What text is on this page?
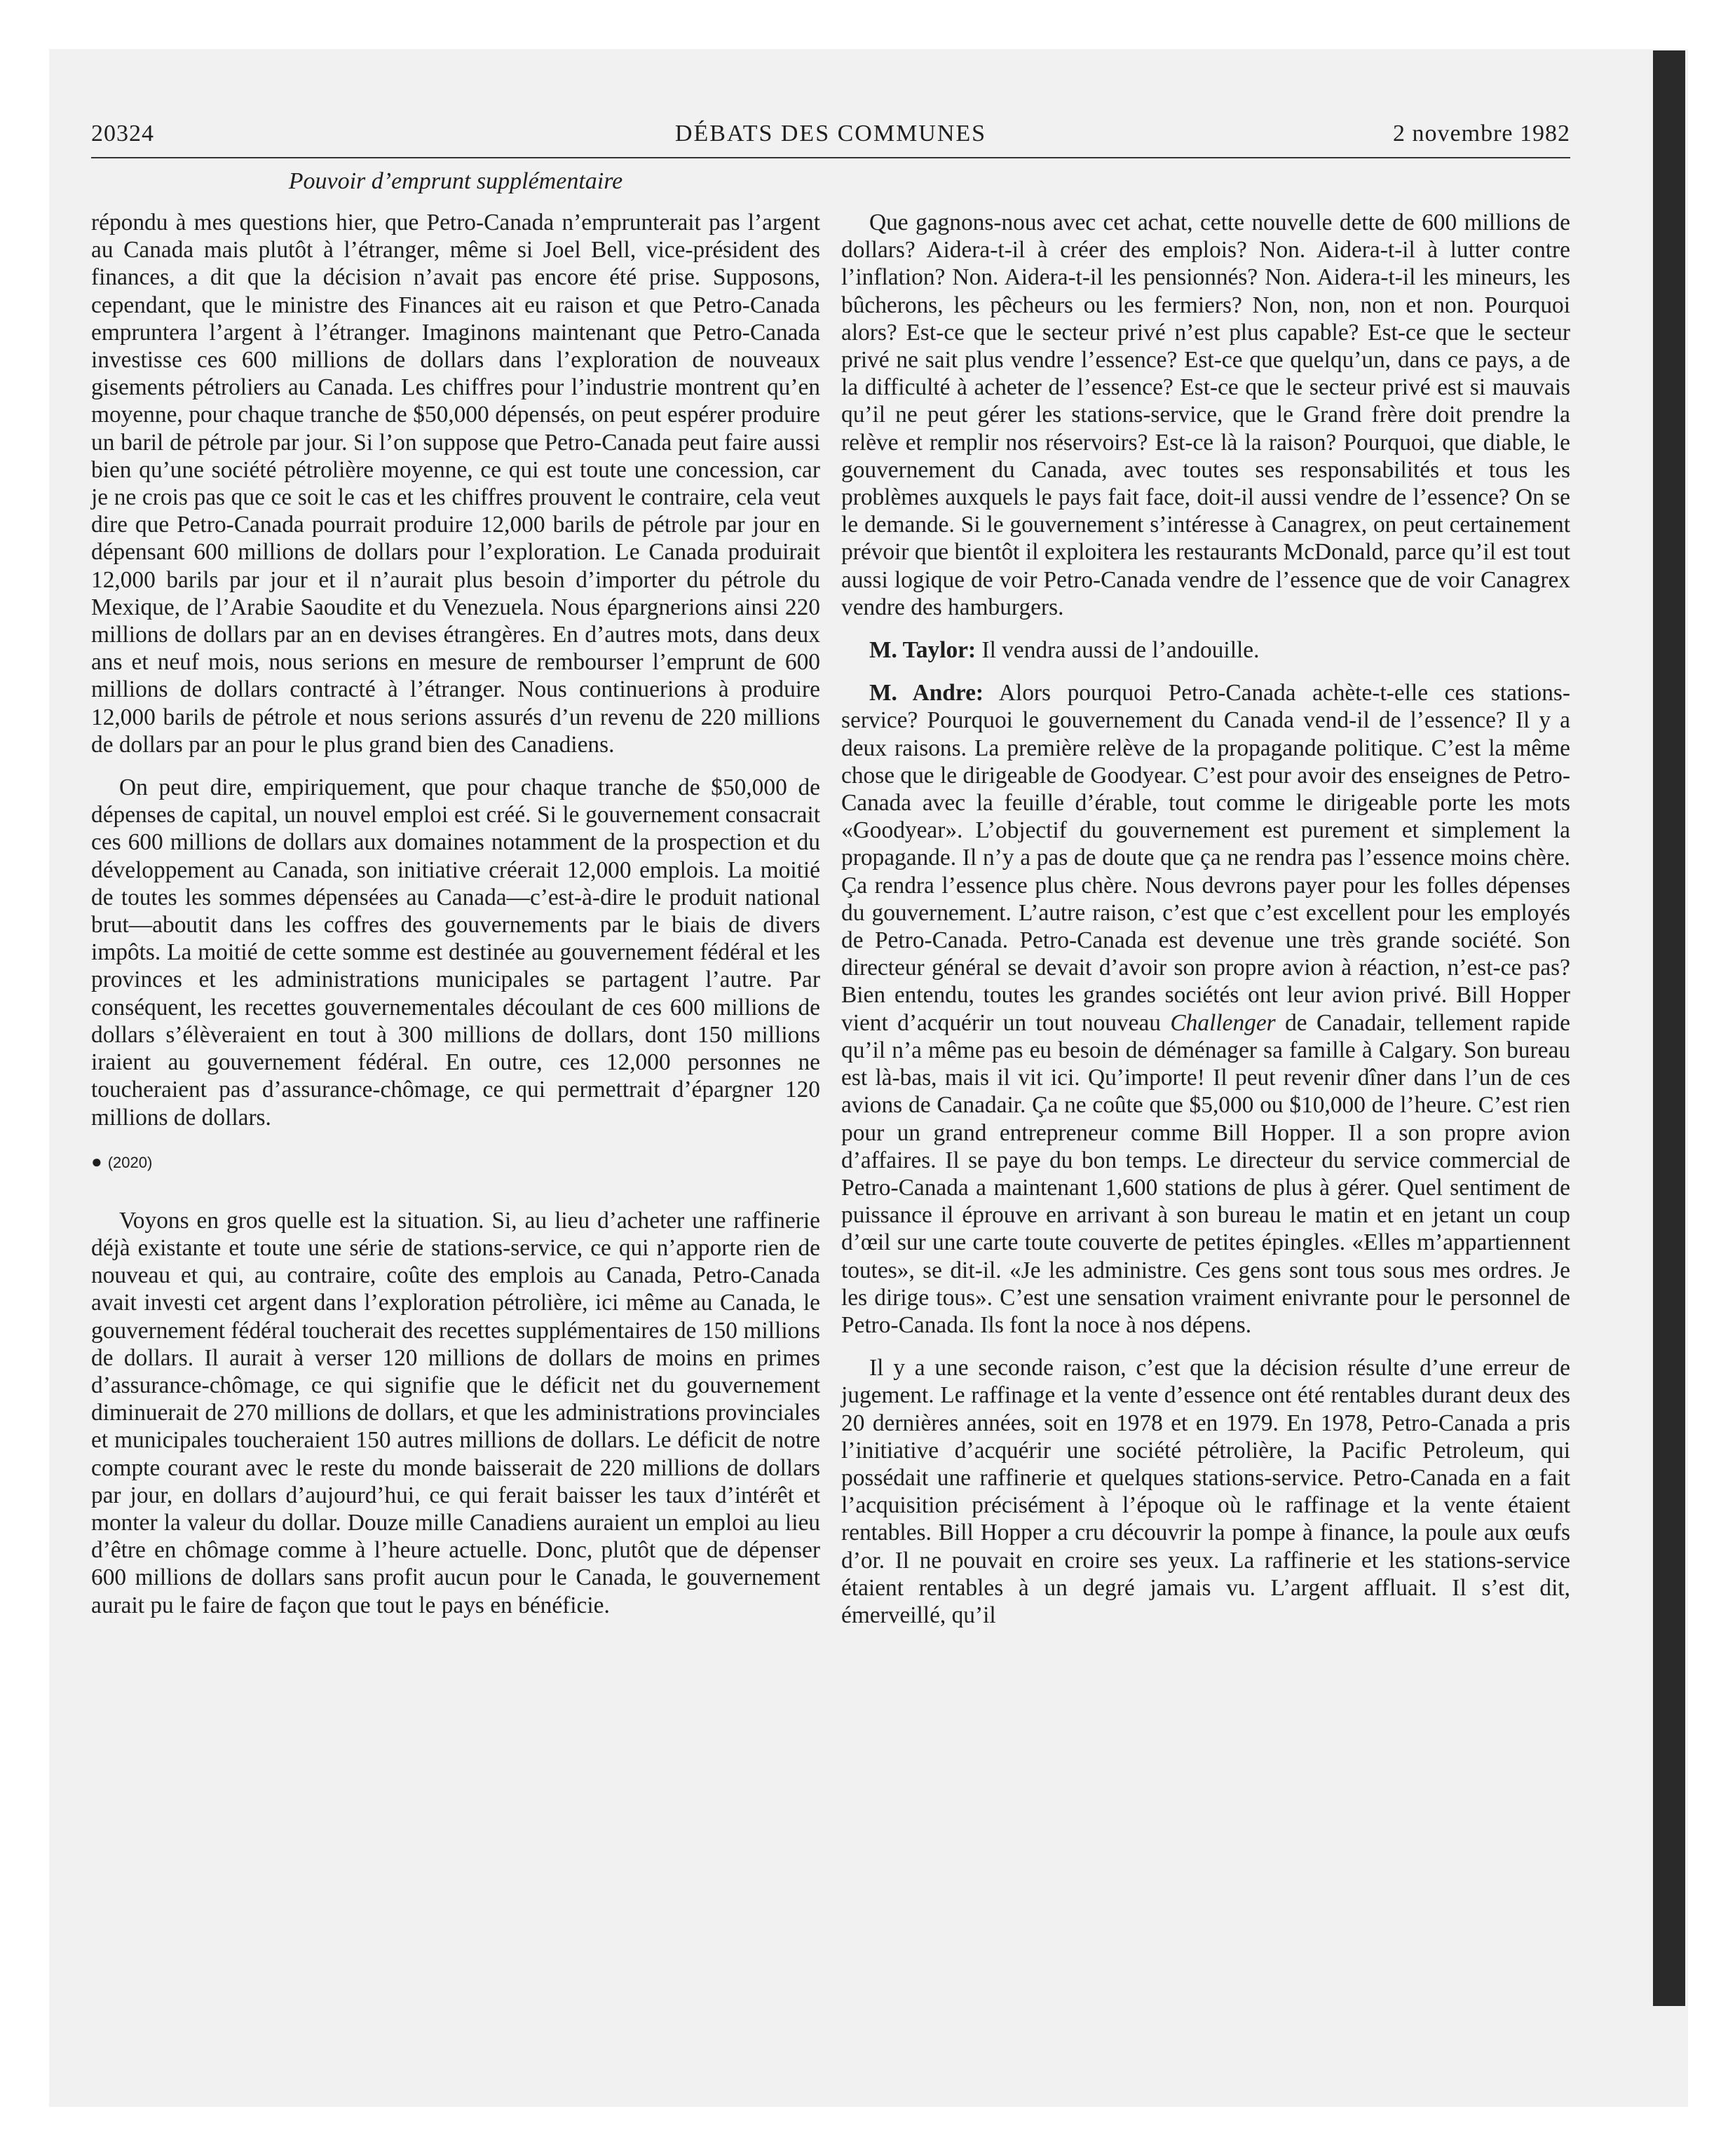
20324	DÉBATS DES COMMUNES	2 novembre 1982
Pouvoir d’emprunt supplémentaire

répondu à mes questions hier, que Petro-Canada n’emprunterait pas l’argent au Canada mais plutôt à l’étranger, même si Joel Bell, vice-président des finances, a dit que la décision n’avait pas encore été prise. Supposons, cependant, que le ministre des Finances ait eu raison et que Petro-Canada empruntera l’argent à l’étranger. Imaginons maintenant que Petro-Canada investisse ces 600 millions de dollars dans l’exploration de nouveaux gisements pétroliers au Canada. Les chiffres pour l’industrie montrent qu’en moyenne, pour chaque tranche de $50,000 dépensés, on peut espérer produire un baril de pétrole par jour. Si l’on suppose que Petro-Canada peut faire aussi bien qu’une société pétrolière moyenne, ce qui est toute une concession, car je ne crois pas que ce soit le cas et les chiffres prouvent le contraire, cela veut dire que Petro-Canada pourrait produire 12,000 barils de pétrole par jour en dépensant 600 millions de dollars pour l’exploration. Le Canada produirait 12,000 barils par jour et il n’aurait plus besoin d’importer du pétrole du Mexique, de l’Arabie Saoudite et du Venezuela. Nous épargnerions ainsi 220 millions de dollars par an en devises étrangères. En d’autres mots, dans deux ans et neuf mois, nous serions en mesure de rembourser l’emprunt de 600 millions de dollars contracté à l’étranger. Nous continuerions à produire 12,000 barils de pétrole et nous serions assurés d’un revenu de 220 millions de dollars par an pour le plus grand bien des Canadiens.

On peut dire, empiriquement, que pour chaque tranche de $50,000 de dépenses de capital, un nouvel emploi est créé. Si le gouvernement consacrait ces 600 millions de dollars aux domaines notamment de la prospection et du développement au Canada, son initiative créerait 12,000 emplois. La moitié de toutes les sommes dépensées au Canada—c’est-à-dire le produit national brut—aboutit dans les coffres des gouvernements par le biais de divers impôts. La moitié de cette somme est destinée au gouvernement fédéral et les provinces et les administrations municipales se partagent l’autre. Par conséquent, les recettes gouvernementales découlant de ces 600 millions de dollars s’élèveraient en tout à 300 millions de dollars, dont 150 millions iraient au gouvernement fédéral. En outre, ces 12,000 personnes ne toucheraient pas d’assurance-chômage, ce qui permettrait d’épargner 120 millions de dollars.

● (2020)

Voyons en gros quelle est la situation. Si, au lieu d’acheter une raffinerie déjà existante et toute une série de stations-service, ce qui n’apporte rien de nouveau et qui, au contraire, coûte des emplois au Canada, Petro-Canada avait investi cet argent dans l’exploration pétrolière, ici même au Canada, le gouvernement fédéral toucherait des recettes supplémentaires de 150 millions de dollars. Il aurait à verser 120 millions de dollars de moins en primes d’assurance-chômage, ce qui signifie que le déficit net du gouvernement diminuerait de 270 millions de dollars, et que les administrations provinciales et municipales toucheraient 150 autres millions de dollars. Le déficit de notre compte courant avec le reste du monde baisserait de 220 millions de dollars par jour, en dollars d’aujourd’hui, ce qui ferait baisser les taux d’intérêt et monter la valeur du dollar. Douze mille Canadiens auraient un emploi au lieu d’être en chômage comme à l’heure actuelle. Donc, plutôt que de dépenser 600 millions de dollars sans profit aucun pour le Canada, le gouvernement aurait pu le faire de façon que tout le pays en bénéficie.

Que gagnons-nous avec cet achat, cette nouvelle dette de 600 millions de dollars? Aidera-t-il à créer des emplois? Non. Aidera-t-il à lutter contre l’inflation? Non. Aidera-t-il les pensionnés? Non. Aidera-t-il les mineurs, les bûcherons, les pêcheurs ou les fermiers? Non, non, non et non. Pourquoi alors? Est-ce que le secteur privé n’est plus capable? Est-ce que le secteur privé ne sait plus vendre l’essence? Est-ce que quelqu’un, dans ce pays, a de la difficulté à acheter de l’essence? Est-ce que le secteur privé est si mauvais qu’il ne peut gérer les stations-service, que le Grand frère doit prendre la relève et remplir nos réservoirs? Est-ce là la raison? Pourquoi, que diable, le gouvernement du Canada, avec toutes ses responsabilités et tous les problèmes auxquels le pays fait face, doit-il aussi vendre de l’essence? On se le demande. Si le gouvernement s’intéresse à Canagrex, on peut certainement prévoir que bientôt il exploitera les restaurants McDonald, parce qu’il est tout aussi logique de voir Petro-Canada vendre de l’essence que de voir Canagrex vendre des hamburgers.

M. Taylor: Il vendra aussi de l’andouille.

M. Andre: Alors pourquoi Petro-Canada achète-t-elle ces stations-service? Pourquoi le gouvernement du Canada vend-il de l’essence? Il y a deux raisons. La première relève de la propagande politique. C’est la même chose que le dirigeable de Goodyear. C’est pour avoir des enseignes de Petro-Canada avec la feuille d’érable, tout comme le dirigeable porte les mots «Goodyear». L’objectif du gouvernement est purement et simplement la propagande. Il n’y a pas de doute que ça ne rendra pas l’essence moins chère. Ça rendra l’essence plus chère. Nous devrons payer pour les folles dépenses du gouvernement. L’autre raison, c’est que c’est excellent pour les employés de Petro-Canada. Petro-Canada est devenue une très grande société. Son directeur général se devait d’avoir son propre avion à réaction, n’est-ce pas? Bien entendu, toutes les grandes sociétés ont leur avion privé. Bill Hopper vient d’acquérir un tout nouveau Challenger de Canadair, tellement rapide qu’il n’a même pas eu besoin de déménager sa famille à Calgary. Son bureau est là-bas, mais il vit ici. Qu’importe! Il peut revenir dîner dans l’un de ces avions de Canadair. Ça ne coûte que $5,000 ou $10,000 de l’heure. C’est rien pour un grand entrepreneur comme Bill Hopper. Il a son propre avion d’affaires. Il se paye du bon temps. Le directeur du service commercial de Petro-Canada a maintenant 1,600 stations de plus à gérer. Quel sentiment de puissance il éprouve en arrivant à son bureau le matin et en jetant un coup d’œil sur une carte toute couverte de petites épingles. «Elles m’appartiennent toutes», se dit-il. «Je les administre. Ces gens sont tous sous mes ordres. Je les dirige tous». C’est une sensation vraiment enivrante pour le personnel de Petro-Canada. Ils font la noce à nos dépens.

Il y a une seconde raison, c’est que la décision résulte d’une erreur de jugement. Le raffinage et la vente d’essence ont été rentables durant deux des 20 dernières années, soit en 1978 et en 1979. En 1978, Petro-Canada a pris l’initiative d’acquérir une société pétrolière, la Pacific Petroleum, qui possédait une raffinerie et quelques stations-service. Petro-Canada en a fait l’acquisition précisément à l’époque où le raffinage et la vente étaient rentables. Bill Hopper a cru découvrir la pompe à finance, la poule aux œufs d’or. Il ne pouvait en croire ses yeux. La raffinerie et les stations-service étaient rentables à un degré jamais vu. L’argent affluait. Il s’est dit, émerveillé, qu’il
